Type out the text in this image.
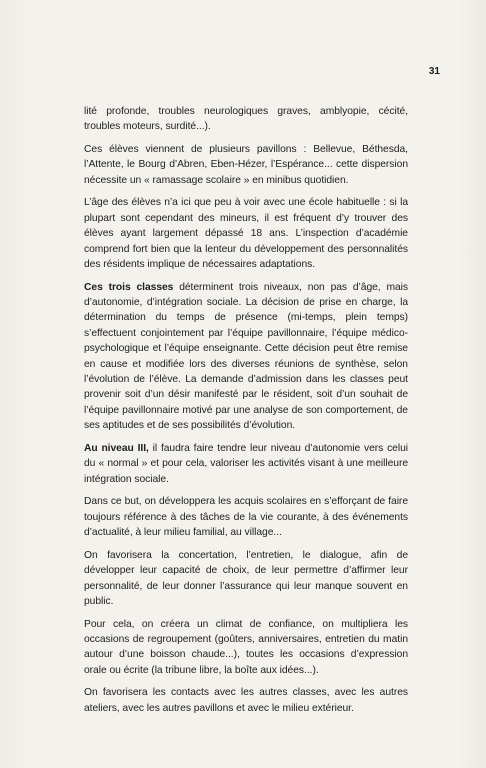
31

lité profonde, troubles neurologiques graves, amblyopie, cécité, troubles moteurs, surdité...).

Ces élèves viennent de plusieurs pavillons : Bellevue, Béthesda, l’Attente, le Bourg d’Abren, Eben-Hézer, l’Espérance... cette dispersion nécessite un « ramassage scolaire » en minibus quotidien.

L’âge des élèves n’a ici que peu à voir avec une école habituelle : si la plupart sont cependant des mineurs, il est fréquent d’y trouver des élèves ayant largement dépassé 18 ans. L’inspection d’académie comprend fort bien que la lenteur du développement des personnalités des résidents implique de nécessaires adaptations.

Ces trois classes déterminent trois niveaux, non pas d’âge, mais d’autonomie, d’intégration sociale. La décision de prise en charge, la détermination du temps de présence (mi-temps, plein temps) s’effectuent conjointement par l’équipe pavillonnaire, l’équipe médico-psychologique et l’équipe enseignante. Cette décision peut être remise en cause et modifiée lors des diverses réunions de synthèse, selon l’évolution de l’élève. La demande d’admission dans les classes peut provenir soit d’un désir manifesté par le résident, soit d’un souhait de l’équipe pavillonnaire motivé par une analyse de son comportement, de ses aptitudes et de ses possibilités d’évolution.

Au niveau III, il faudra faire tendre leur niveau d’autonomie vers celui du « normal » et pour cela, valoriser les activités visant à une meilleure intégration sociale.

Dans ce but, on développera les acquis scolaires en s’efforçant de faire toujours référence à des tâches de la vie courante, à des événements d’actualité, à leur milieu familial, au village...

On favorisera la concertation, l’entretien, le dialogue, afin de développer leur capacité de choix, de leur permettre d’affirmer leur personnalité, de leur donner l’assurance qui leur manque souvent en public.

Pour cela, on créera un climat de confiance, on multipliera les occasions de regroupement (goûters, anniversaires, entretien du matin autour d’une boisson chaude...), toutes les occasions d’expression orale ou écrite (la tribune libre, la boîte aux idées...).

On favorisera les contacts avec les autres classes, avec les autres ateliers, avec les autres pavillons et avec le milieu extérieur.
